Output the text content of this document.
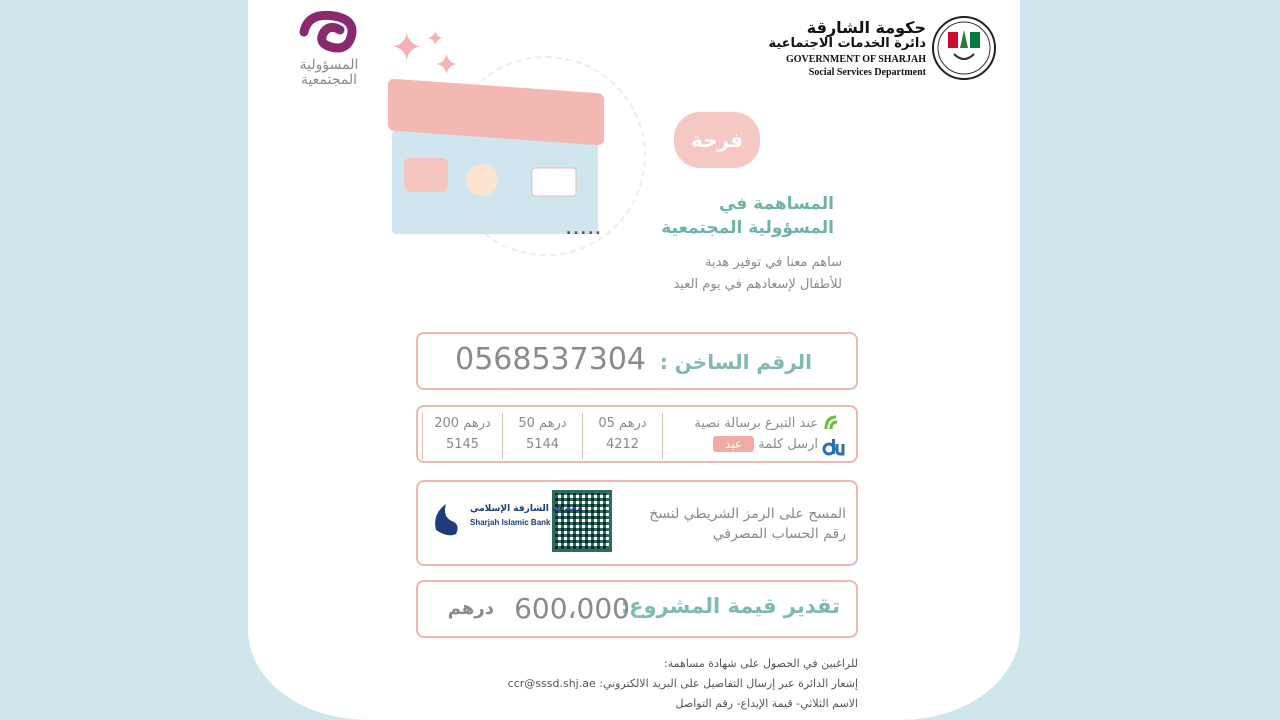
حكومة الشارقة
دائرة الخدمات الاجتماعية
GOVERNMENT OF SHARJAH
Social Services Department
المسؤولية
المجتمعية
✦ ✦
✦
.....
فرحة عيد
المساهمة في
المسؤولية المجتمعية
ساهم معنا في توفير هدية
للأطفال لإسعادهم في يوم العيد
الرقم الساخن :
0568537304
200 درهم
5145
50 درهم
5144
05 درهم
4212
عند التبرع برسالة نصية
ارسل كلمة عيد

المسح على الرمز الشريطي لنسخ
رقم الحساب المصرفي
مصرف الشارقة الإسلامي
Sharjah Islamic Bank
تقدير قيمة المشروع:
600،000
درهم
للراغبين في الحصول على شهادة مساهمة:
إشعار الدائرة عبر إرسال التفاصيل على البريد الالكتروني: ccr@sssd.shj.ae
الاسم الثلاثي- قيمة الإيداع- رقم التواصل
